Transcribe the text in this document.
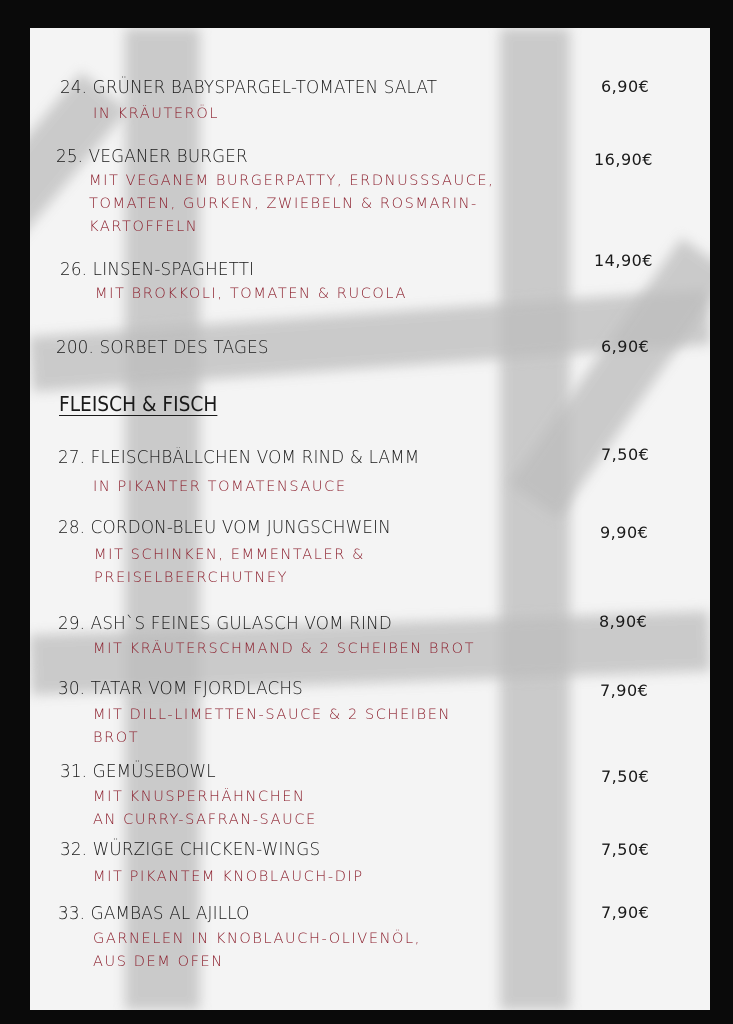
FLEISCH & FISCH
24. GRÜNER BABYSPARGEL-TOMATEN SALAT
IN KRÄUTERÖL
6,90€
25. VEGANER BURGER
MIT VEGANEM BURGERPATTY, ERDNUSSSAUCE,
TOMATEN, GURKEN, ZWIEBELN & ROSMARIN-
KARTOFFELN
16,90€
26. LINSEN-SPAGHETTI
MIT BROKKOLI, TOMATEN & RUCOLA
14,90€
200. SORBET DES TAGES	6,90€
27. FLEISCHBÄLLCHEN VOM RIND & LAMM
IN PIKANTER TOMATENSAUCE
7,50€
28. CORDON-BLEU VOM JUNGSCHWEIN
MIT SCHINKEN, EMMENTALER &
PREISELBEERCHUTNEY
9,90€
29. ASH`S FEINES GULASCH VOM RIND
MIT KRÄUTERSCHMAND & 2 SCHEIBEN BROT
8,90€
30. TATAR VOM FJORDLACHS
MIT DILL-LIMETTEN-SAUCE & 2 SCHEIBEN
BROT
7,90€
31. GEMÜSEBOWL
MIT KNUSPERHÄHNCHEN
AN CURRY-SAFRAN-SAUCE
7,50€
32. WÜRZIGE CHICKEN-WINGS
MIT PIKANTEM KNOBLAUCH-DIP
7,50€
33. GAMBAS AL AJILLO
GARNELEN IN KNOBLAUCH-OLIVENÖL,
AUS DEM OFEN
7,90€
